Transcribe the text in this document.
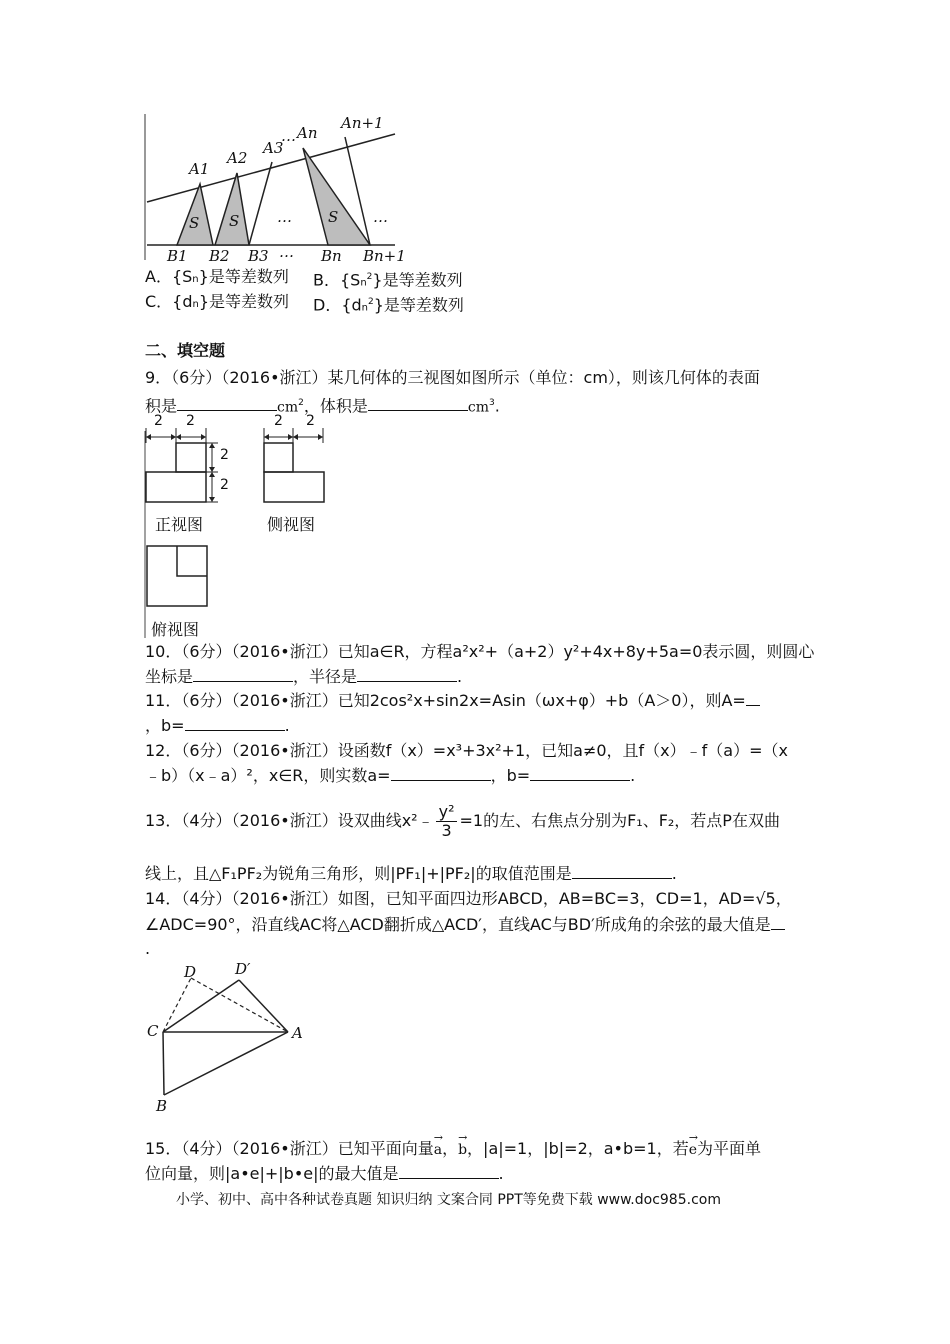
A1
A2
A3
… An
An+1
S S	S
…	…
…
B1 B2 B3	Bn Bn+1
A．{Sn}是等差数列 B．{Sn$^2$}是等差数列
C．{dn}是等差数列 D．$\{dn^2\}$是等差数列
二、填空题
9．（6分）（2016•浙江）某几何体的三视图如图所示（单位：cm），则该几何体的表面
积是	$cm^2$，体积是	$cm^3$.
2 2
2
2
2 2
正视图	侧视图
俯视图
10．（6分）（2016•浙江）已知a∈R，方程a²x²+（a+2）y²+4x+8y+5a=0表示圆，则圆心
坐标是	，半径是	.
11．（6分）（2016•浙江）已知2cos²x+sin2x=Asin（ωx+φ）+b（A＞0），则A=
，b=	.
12．（6分）（2016•浙江）设函数f（x）=x³+3x²+1，已知a≠0，且f（x）﹣f（a）=（x
﹣b）（x﹣a）²，x∈R，则实数a=	，b=	.
13．（4分）（2016•浙江）设双曲线x²﹣ $\frac{\text{y²}}{3} =1$的左、右焦点分别为F₁、F₂，若点P在双曲
线上，且△F₁PF₂为锐角三角形，则|PF₁|+|PF₂|的取值范围是	.
14．（4分）（2016•浙江）如图，已知平面四边形ABCD，AB=BC=3，CD=1，AD=√5，
∠ADC=90°，沿直线AC将△ACD翻折成△ACD′，直线AC与BD′所成角的余弦的最大值是
.
D	D′
C	A
B
15．（4分）（2016•浙江）已知平面向量→ a，→ b，|a|=1，|b|=2，a•b=1，若→ e为平面单
位向量，则|a•e|+|b•e|的最大值是	.
小学、初中、高中各种试卷真题 知识归纳 文案合同 PPT等免费下载 www.doc985.com
